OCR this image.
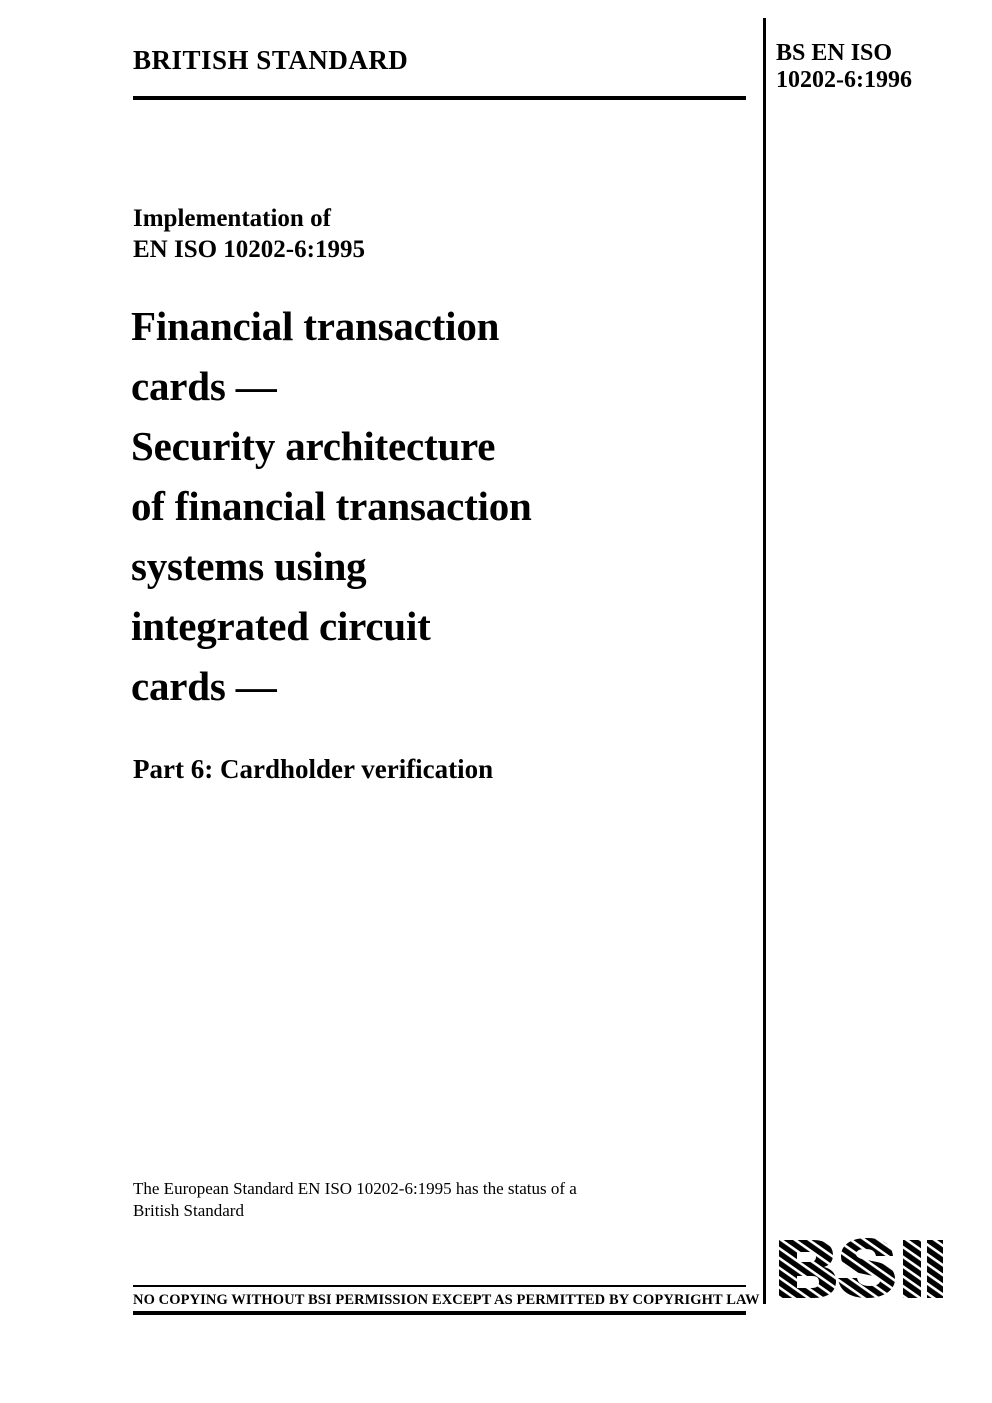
BRITISH STANDARD	BS EN ISO
10202-6:1996
Implementation of
EN ISO 10202-6:1995
Financial transaction
cards —
Security architecture
of financial transaction
systems using
integrated circuit
cards —
Part 6: Cardholder verification
The European Standard EN ISO 10202-6:1995 has the status of a
British Standard
NO COPYING WITHOUT BSI PERMISSION EXCEPT AS PERMITTED BY COPYRIGHT LAW
